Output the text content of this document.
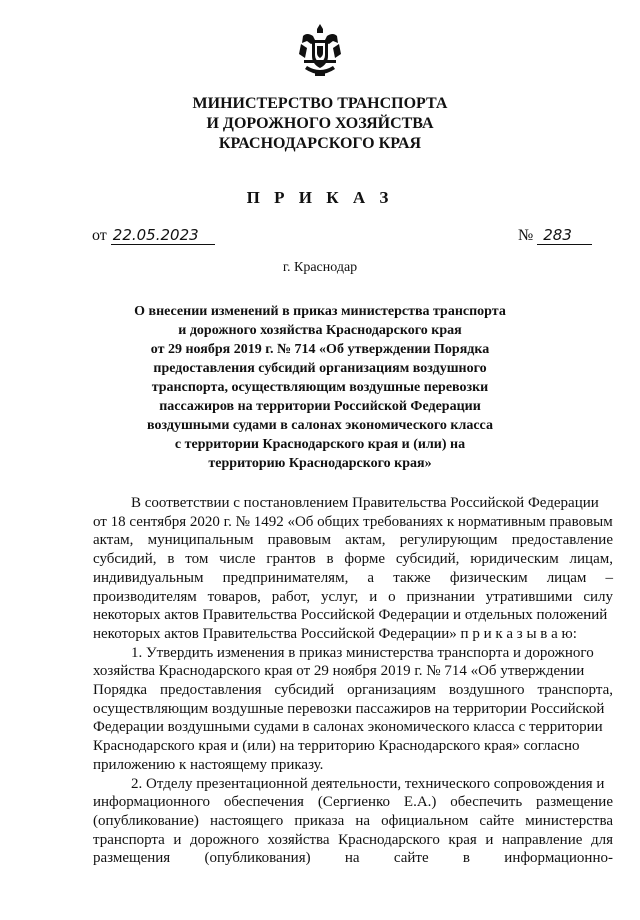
МИНИСТЕРСТВО ТРАНСПОРТА
И ДОРОЖНОГО ХОЗЯЙСТВА
КРАСНОДАРСКОГО КРАЯ
П Р И К А З
от 22.05.2023	№ 283
г. Краснодар
О внесении изменений в приказ министерства транспорта
и дорожного хозяйства Краснодарского края
от 29 ноября 2019 г. № 714 «Об утверждении Порядка
предоставления субсидий организациям воздушного
транспорта, осуществляющим воздушные перевозки
пассажиров на территории Российской Федерации
воздушными судами в салонах экономического класса
с территории Краснодарского края и (или) на
территорию Краснодарского края»
В соответствии с постановлением Правительства Российской Федерации
от 18 сентября 2020 г. № 1492 «Об общих требованиях к нормативным правовым
актам, муниципальным правовым актам, регулирующим предоставление
субсидий, в том числе грантов в форме субсидий, юридическим лицам,
индивидуальным предпринимателям, а также физическим лицам –
производителям товаров, работ, услуг, и о признании утратившими силу
некоторых актов Правительства Российской Федерации и отдельных положений
некоторых актов Правительства Российской Федерации» п р и к а з ы в а ю:
1. Утвердить изменения в приказ министерства транспорта и дорожного
хозяйства Краснодарского края от 29 ноября 2019 г. № 714 «Об утверждении
Порядка предоставления субсидий организациям воздушного транспорта,
осуществляющим воздушные перевозки пассажиров на территории Российской
Федерации воздушными судами в салонах экономического класса с территории
Краснодарского края и (или) на территорию Краснодарского края» согласно
приложению к настоящему приказу.
2. Отделу презентационной деятельности, технического сопровождения и
информационного обеспечения (Сергиенко Е.А.) обеспечить размещение
(опубликование) настоящего приказа на официальном сайте министерства
транспорта и дорожного хозяйства Краснодарского края и направление для
размещения (опубликования) на сайте в информационно-
